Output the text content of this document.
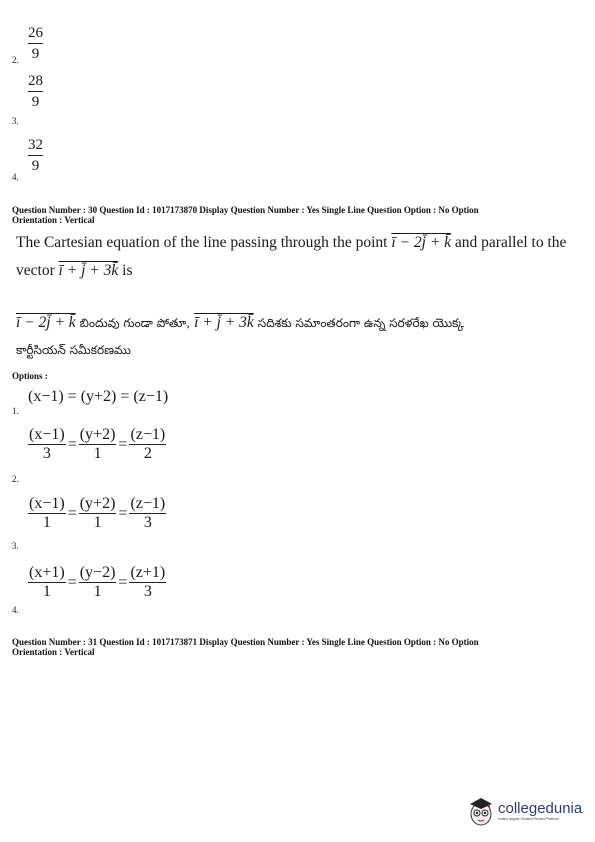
26
9
2.
28
9
3.
32
9
4.
Question Number : 30 Question Id : 1017173870 Display Question Number : Yes Single Line Question Option : No Option
Orientation : Vertical
The Cartesian equation of the line passing through the point ī − 2j̄ + k̄ and parallel to the
vector ī + j̄ + 3k̄ is
ī − 2j̄ + k̄ బిందువు గుండా పోతూ, ī + j̄ + 3k̄ సదిశకు సమాంతరంగా ఉన్న సరళరేఖ యొక్క
కార్టీసియన్ సమీకరణము
Options :
(x−1) = (y+2) = (z−1)
1.
$\frac{(x-1)}{3} = \frac{(y+2)}{1} = \frac{(z-1)}{2}$
2.
$\frac{(x-1)}{1} = \frac{(y+2)}{1} = \frac{(z-1)}{3}$
3.
$\frac{(x+1)}{1} = \frac{(y-2)}{1} = \frac{(z+1)}{3}$
4.
Question Number : 31 Question Id : 1017173871 Display Question Number : Yes Single Line Question Option : No Option
Orientation : Vertical
collegedunia
India's largest Student Review Platform
